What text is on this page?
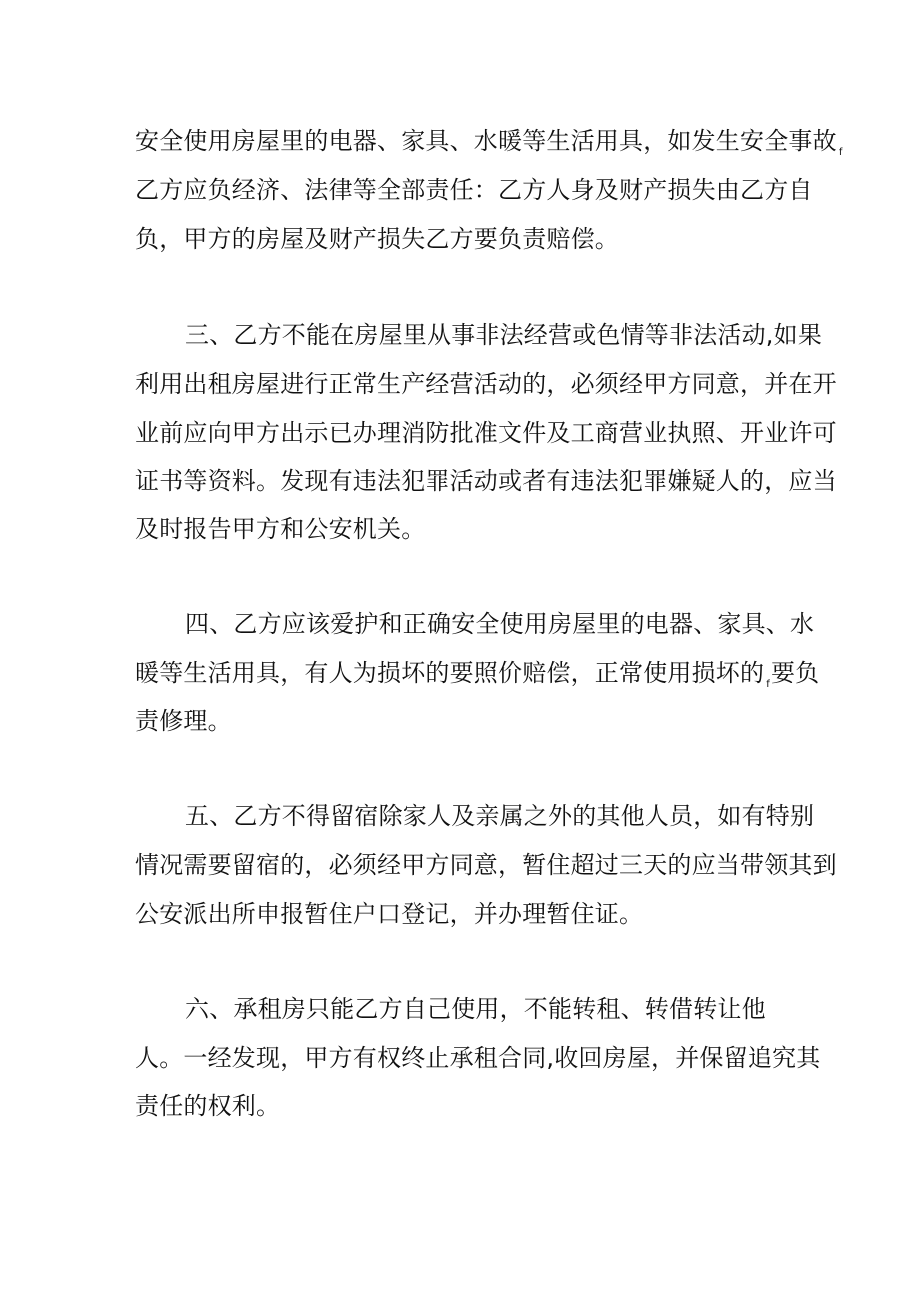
安全使用房屋里的电器、家具、水暖等生活用具，如发生安全事故 $_f$
乙方应负经济、法律等全部责任：乙方人身及财产损失由乙方自
负，甲方的房屋及财产损失乙方要负责赔偿。
三、乙方不能在房屋里从事非法经营或色情等非法活动,如果
利用出租房屋进行正常生产经营活动的，必须经甲方同意，并在开
业前应向甲方出示已办理消防批准文件及工商营业执照、开业许可
证书等资料。发现有违法犯罪活动或者有违法犯罪嫌疑人的，应当
及时报告甲方和公安机关。
四、乙方应该爱护和正确安全使用房屋里的电器、家具、水
暖等生活用具，有人为损坏的要照价赔偿，正常使用损坏的 $_f$要负
责修理。
五、乙方不得留宿除家人及亲属之外的其他人员，如有特别
情况需要留宿的，必须经甲方同意，暂住超过三天的应当带领其到
公安派出所申报暂住户口登记，并办理暂住证。
六、承租房只能乙方自己使用，不能转租、转借转让他
人。一经发现，甲方有权终止承租合同,收回房屋，并保留追究其
责任的权利。
